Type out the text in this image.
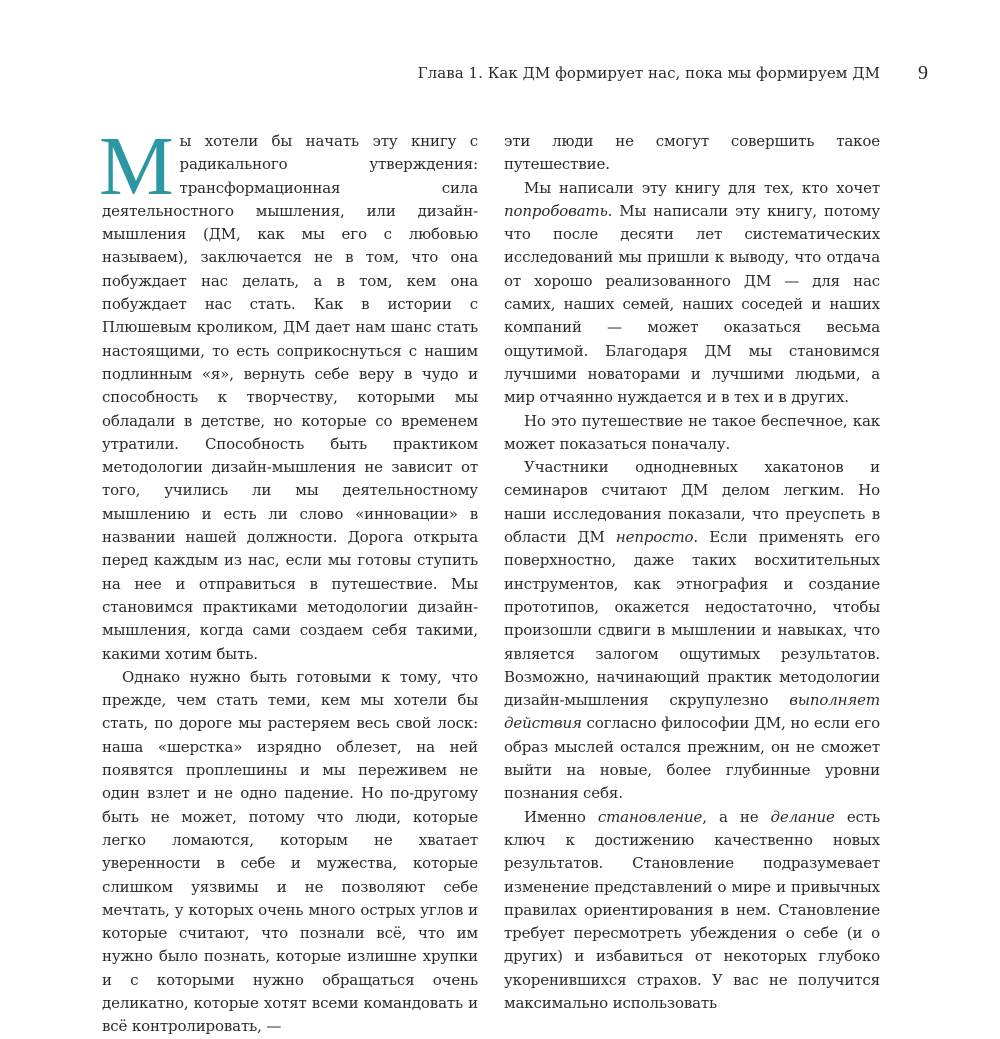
Глава 1. Как ДМ формирует нас, пока мы формируем ДМ 9

Мы хотели бы начать эту книгу с радикального утверждения: трансформационная сила деятельностного мышления, или дизайн-мышления (ДМ, как мы его с любовью называем), заключается не в том, что она побуждает нас делать, а в том, кем она побуждает нас стать. Как в истории с Плюшевым кроликом, ДМ дает нам шанс стать настоящими, то есть соприкоснуться с нашим подлинным «я», вернуть себе веру в чудо и способность к творчеству, которыми мы обладали в детстве, но которые со временем утратили. Способность быть практиком методологии дизайн-мышления не зависит от того, учились ли мы деятельностному мышлению и есть ли слово «инновации» в названии нашей должности. Дорога открыта перед каждым из нас, если мы готовы ступить на нее и отправиться в путешествие. Мы становимся практиками методологии дизайн-мышления, когда сами создаем себя такими, какими хотим быть.

Однако нужно быть готовыми к тому, что прежде, чем стать теми, кем мы хотели бы стать, по дороге мы растеряем весь свой лоск: наша «шерстка» изрядно облезет, на ней появятся проплешины и мы переживем не один взлет и не одно падение. Но по-другому быть не может, потому что люди, которые легко ломаются, которым не хватает уверенности в себе и мужества, которые слишком уязвимы и не позволяют себе мечтать, у которых очень много острых углов и которые считают, что познали всё, что им нужно было познать, которые излишне хрупки и с которыми нужно обращаться очень деликатно, которые хотят всеми командовать и всё контролировать, —

эти люди не смогут совершить такое путешествие.

Мы написали эту книгу для тех, кто хочет попробовать. Мы написали эту книгу, потому что после десяти лет систематических исследований мы пришли к выводу, что отдача от хорошо реализованного ДМ — для нас самих, наших семей, наших соседей и наших компаний — может оказаться весьма ощутимой. Благодаря ДМ мы становимся лучшими новаторами и лучшими людьми, а мир отчаянно нуждается и в тех и в других.

Но это путешествие не такое беспечное, как может показаться поначалу.

Участники однодневных хакатонов и семинаров считают ДМ делом легким. Но наши исследования показали, что преуспеть в области ДМ непросто. Если применять его поверхностно, даже таких восхитительных инструментов, как этнография и создание прототипов, окажется недостаточно, чтобы произошли сдвиги в мышлении и навыках, что является залогом ощутимых результатов. Возможно, начинающий практик методологии дизайн-мышления скрупулезно выполняет действия согласно философии ДМ, но если его образ мыслей остался прежним, он не сможет выйти на новые, более глубинные уровни познания себя.

Именно становление, а не делание есть ключ к достижению качественно новых результатов. Становление подразумевает изменение представлений о мире и привычных правилах ориентирования в нем. Становление требует пересмотреть убеждения о себе (и о других) и избавиться от некоторых глубоко укоренившихся страхов. У вас не получится максимально использовать
